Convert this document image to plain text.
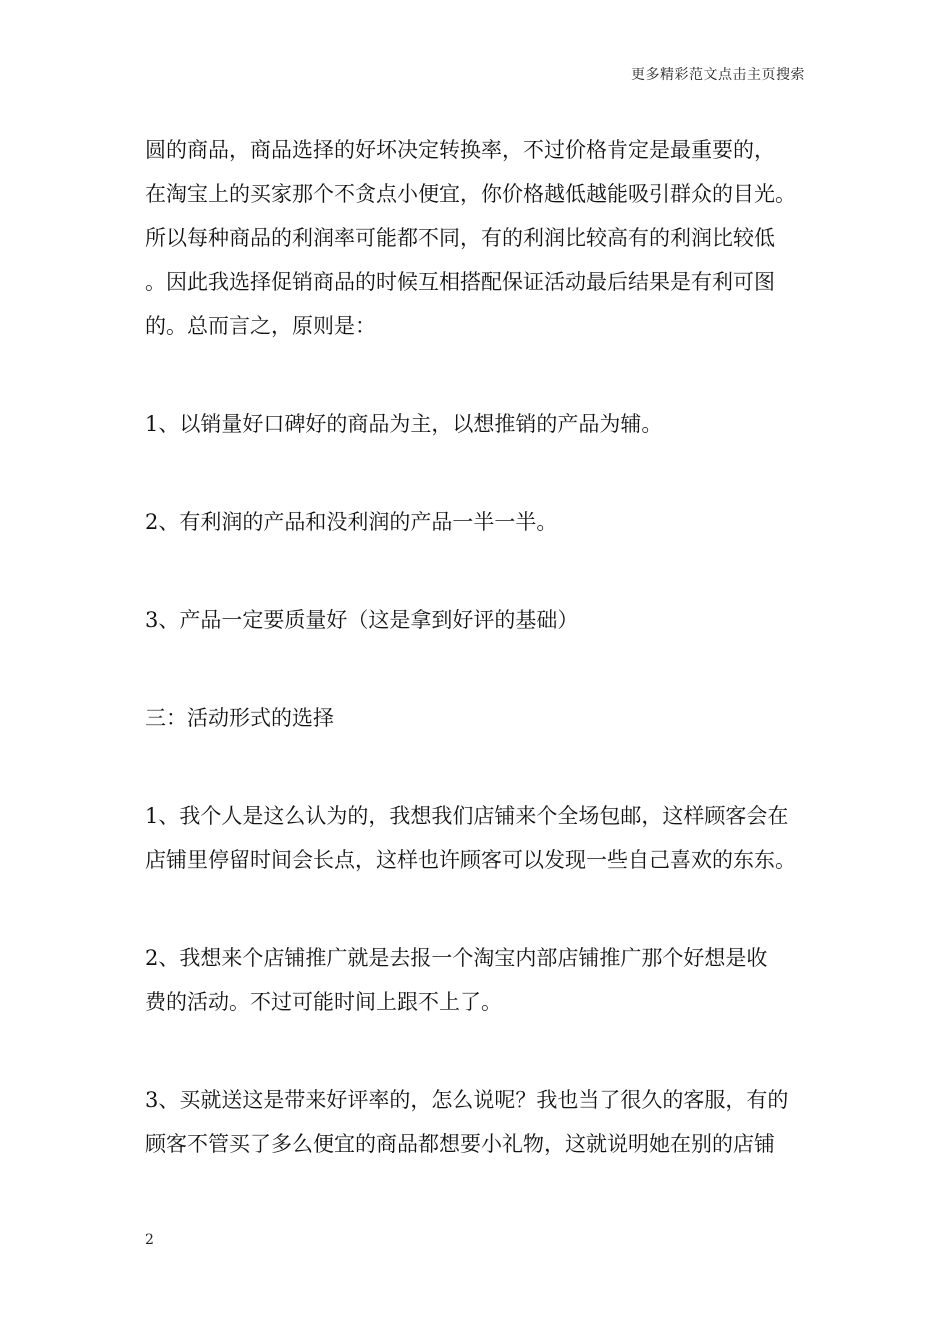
更多精彩范文点击主页搜索
圆的商品，商品选择的好坏决定转换率，不过价格肯定是最重要的，
在淘宝上的买家那个不贪点小便宜，你价格越低越能吸引群众的目光。
所以每种商品的利润率可能都不同，有的利润比较高有的利润比较低
。因此我选择促销商品的时候互相搭配保证活动最后结果是有利可图
的。总而言之，原则是：
1、以销量好口碑好的商品为主，以想推销的产品为辅。
2、有利润的产品和没利润的产品一半一半。
3、产品一定要质量好（这是拿到好评的基础）
三：活动形式的选择
1、我个人是这么认为的，我想我们店铺来个全场包邮，这样顾客会在
店铺里停留时间会长点，这样也许顾客可以发现一些自己喜欢的东东。
2、我想来个店铺推广就是去报一个淘宝内部店铺推广那个好想是收
费的活动。不过可能时间上跟不上了。
3、买就送这是带来好评率的，怎么说呢？我也当了很久的客服，有的
顾客不管买了多么便宜的商品都想要小礼物，这就说明她在别的店铺
2
